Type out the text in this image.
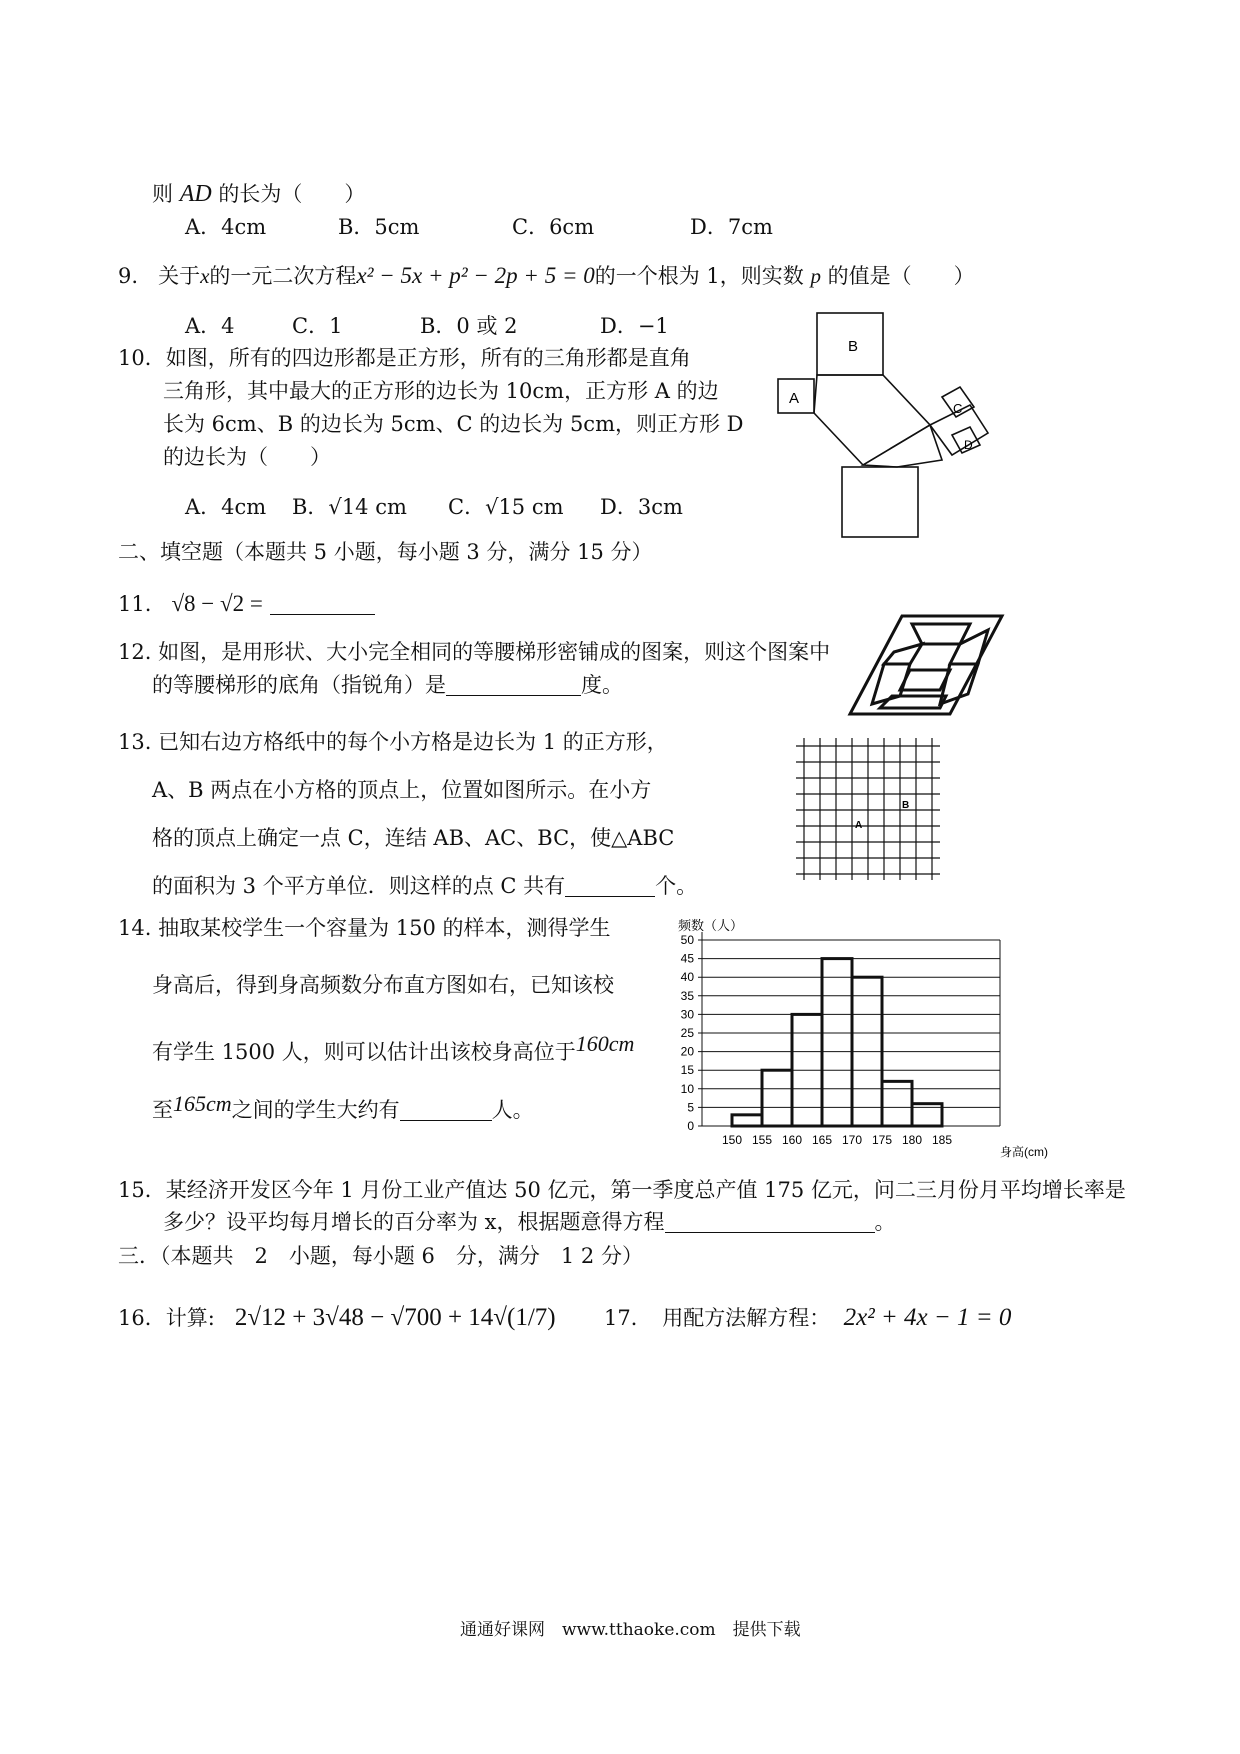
则 AD 的长为（　　）
A．4cm	B．5cm	C．6cm	D．7cm
9. 关于x的一元二次方程x² − 5x + p² − 2p + 5 = 0的一个根为 1，则实数 p 的值是（　　）
A．4	C．1	B．0 或 2	D．−1
10．如图，所有的四边形都是正方形，所有的三角形都是直角
三角形，其中最大的正方形的边长为 10cm，正方形 A 的边
长为 6cm、B 的边长为 5cm、C 的边长为 5cm，则正方形 D
的边长为（　　）
A．4cm B．√14 cm C．√15 cm D．3cm
B
A
C
D
二、填空题（本题共 5 小题，每小题 3 分，满分 15 分）
11. √8 − √2 =
12. 如图，是用形状、大小完全相同的等腰梯形密铺成的图案，则这个图案中
的等腰梯形的底角（指锐角）是	度。
13. 已知右边方格纸中的每个小方格是边长为 1 的正方形，
A、B 两点在小方格的顶点上，位置如图所示。在小方
格的顶点上确定一点 C，连结 AB、AC、BC，使△ABC
的面积为 3 个平方单位．则这样的点 C 共有	个。
A
B
14. 抽取某校学生一个容量为 150 的样本，测得学生
身高后，得到身高频数分布直方图如右，已知该校
有学生 1500 人，则可以估计出该校身高位于160cm
至165cm之间的学生大约有	人。
频数（人）
0
5
10
15
20
25
30
35
40
45
50
150 155 160 165 170 175 180 185
身高(cm)
15．某经济开发区今年 1 月份工业产值达 50 亿元，第一季度总产值 175 亿元，问二三月份月平均增长率是
多少？设平均每月增长的百分率为 x，根据题意得方程	。
三．（本题共　2　小题，每小题 6　分，满分　1 2 分）
16．计算: 2√12 + 3√48 − √700 + 14√(1/7) 17．　用配方法解方程： 2x² + 4x − 1 = 0
通通好课网　www.tthaoke.com　提供下载
